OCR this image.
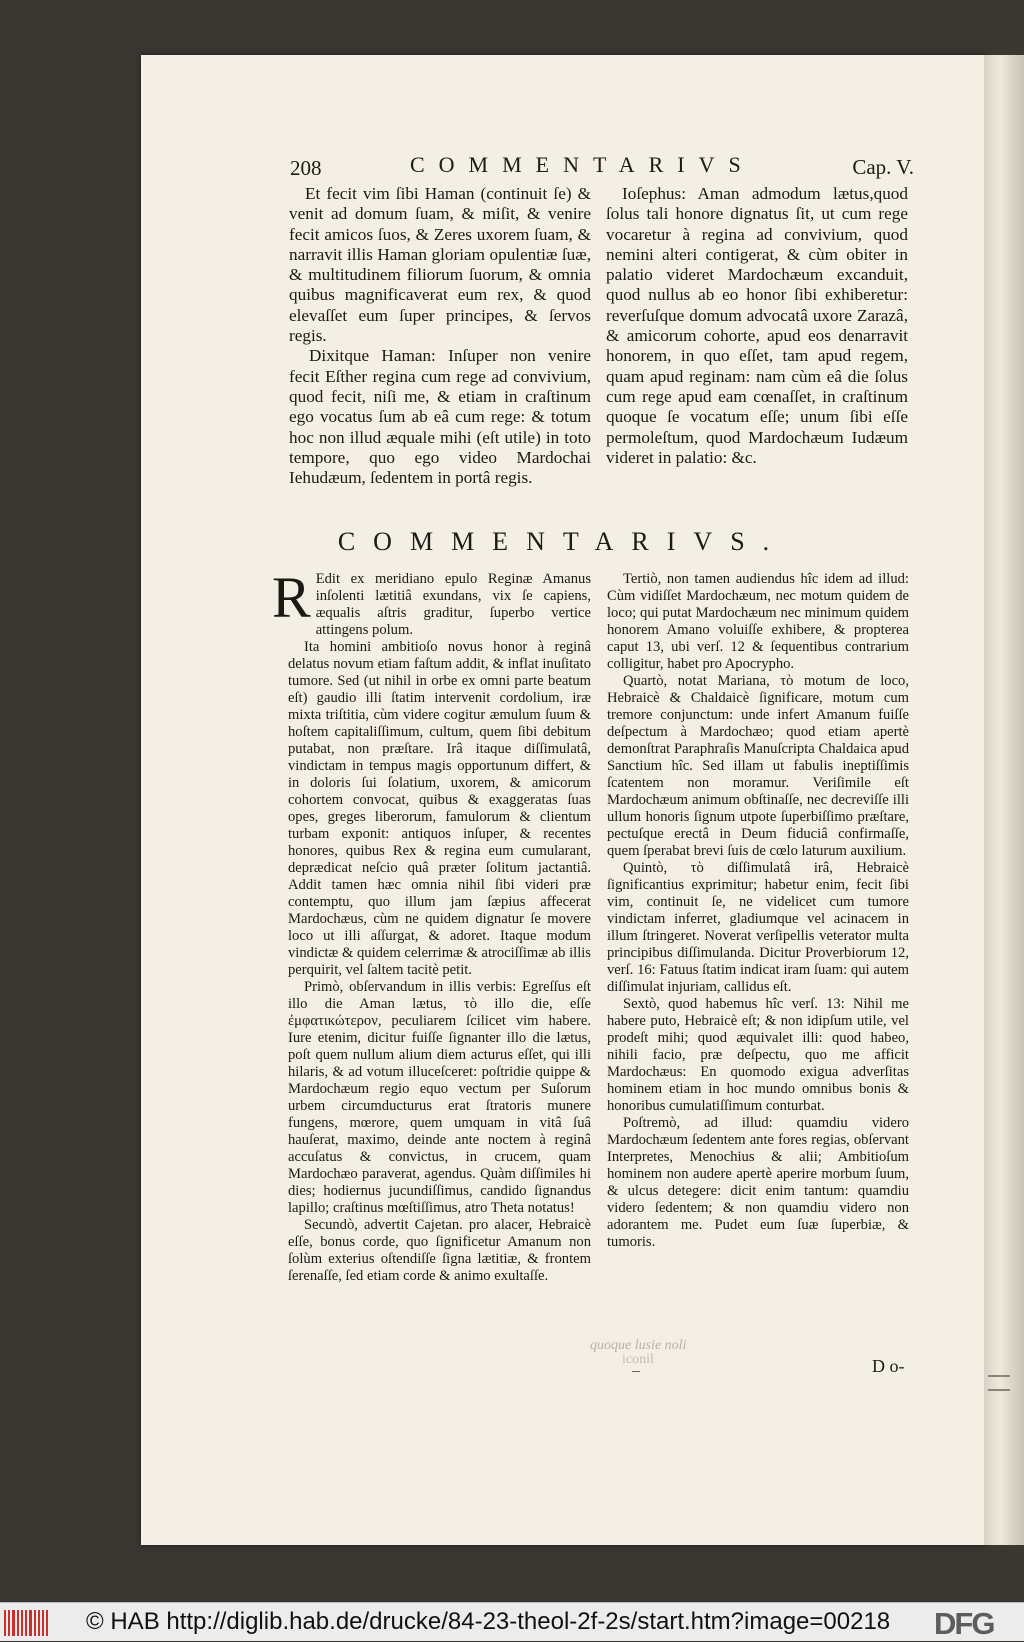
208	COMMENTARIVS	Cap. V.

Et fecit vim ſibi Haman (continuit ſe) & venit ad domum ſuam, & miſit, & venire fecit amicos ſuos, & Zeres uxorem ſuam, & narravit illis Haman gloriam opulentiæ ſuæ, & multitudinem filiorum ſuorum, & omnia quibus magnificaverat eum rex, & quod elevaſſet eum ſuper principes, & ſervos regis.

Dixitque Haman: Inſuper non venire fecit Eſther regina cum rege ad convivium, quod fecit, niſi me, & etiam in craſtinum ego vocatus ſum ab eâ cum rege: & totum hoc non illud æquale mihi (eſt utile) in toto tempore, quo ego video Mardochai Iehudæum, ſedentem in portâ regis.

Ioſephus: Aman admodum lætus,quod ſolus tali honore dignatus ſit, ut cum rege vocaretur à regina ad convivium, quod nemini alteri contigerat, & cùm obiter in palatio videret Mardochæum excanduit, quod nullus ab eo honor ſibi exhiberetur: reverſuſque domum advocatâ uxore Zarazâ, & amicorum cohorte, apud eos denarravit honorem, in quo eſſet, tam apud regem, quam apud reginam: nam cùm eâ die ſolus cum rege apud eam cœnaſſet, in craſtinum quoque ſe vocatum eſſe; unum ſibi eſſe permoleſtum, quod Mardochæum Iudæum videret in palatio: &c.

COMMENTARIVS.

R Edit ex meridiano epulo Reginæ Amanus inſolenti lætitiâ exundans, vix ſe capiens, æqualis aſtris graditur, ſuperbo vertice attingens polum.

Ita homini ambitioſo novus honor à reginâ delatus novum etiam faſtum addit, & inflat inuſitato tumore. Sed (ut nihil in orbe ex omni parte beatum eſt) gaudio illi ſtatim intervenit cordolium, iræ mixta triſtitia, cùm videre cogitur æmulum ſuum & hoſtem capitaliſſimum, cultum, quem ſibi debitum putabat, non præſtare. Irâ itaque diſſimulatâ, vindictam in tempus magis opportunum differt, & in doloris ſui ſolatium, uxorem, & amicorum cohortem convocat, quibus & exaggeratas ſuas opes, greges liberorum, famulorum & clientum turbam exponit: antiquos inſuper, & recentes honores, quibus Rex & regina eum cumularant, deprædicat neſcio quâ præter ſolitum jactantiâ. Addit tamen hæc omnia nihil ſibi videri præ contemptu, quo illum jam ſæpius affecerat Mardochæus, cùm ne quidem dignatur ſe movere loco ut illi aſſurgat, & adoret. Itaque modum vindictæ & quidem celerrimæ & atrociſſimæ ab illis perquirit, vel ſaltem tacitè petit.

Primò, obſervandum in illis verbis: Egreſſus eſt illo die Aman lætus, τὸ illo die, eſſe ἐμφατικώτερον, peculiarem ſcilicet vim habere. Iure etenim, dicitur fuiſſe ſignanter illo die lætus, poſt quem nullum alium diem acturus eſſet, qui illi hilaris, & ad votum illuceſceret: poſtridie quippe & Mardochæum regio equo vectum per Suſorum urbem circumducturus erat ſtratoris munere fungens, mœrore, quem umquam in vitâ ſuâ hauſerat, maximo, deinde ante noctem à reginâ accuſatus & convictus, in crucem, quam Mardochæo paraverat, agendus. Quàm diſſimiles hi dies; hodiernus jucundiſſimus, candido ſignandus lapillo; craſtinus mœſtiſſimus, atro Theta notatus!

Secundò, advertit Cajetan. pro alacer, Hebraicè eſſe, bonus corde, quo ſignificetur Amanum non ſolùm exterius oſtendiſſe ſigna lætitiæ, & frontem ſerenaſſe, ſed etiam corde & animo exultaſſe.

Tertiò, non tamen audiendus hîc idem ad illud: Cùm vidiſſet Mardochæum, nec motum quidem de loco; qui putat Mardochæum nec minimum quidem honorem Amano voluiſſe exhibere, & propterea caput 13, ubi verſ. 12 & ſequentibus contrarium colligitur, habet pro Apocrypho.

Quartò, notat Mariana, τὸ motum de loco, Hebraicè & Chaldaicè ſignificare, motum cum tremore conjunctum: unde infert Amanum fuiſſe deſpectum à Mardochæo; quod etiam apertè demonſtrat Paraphraſis Manuſcripta Chaldaica apud Sanctium hîc. Sed illam ut fabulis ineptiſſimis ſcatentem non moramur. Veriſimile eſt Mardochæum animum obſtinaſſe, nec decreviſſe illi ullum honoris ſignum utpote ſuperbiſſimo præſtare, pectuſque erectâ in Deum fiduciâ confirmaſſe, quem ſperabat brevi ſuis de cœlo laturum auxilium.

Quintò, τὸ diſſimulatâ irâ, Hebraicè ſignificantius exprimitur; habetur enim, fecit ſibi vim, continuit ſe, ne videlicet cum tumore vindictam inferret, gladiumque vel acinacem in illum ſtringeret. Noverat verſipellis veterator multa principibus diſſimulanda. Dicitur Proverbiorum 12, verſ. 16: Fatuus ſtatim indicat iram ſuam: qui autem diſſimulat injuriam, callidus eſt.

Sextò, quod habemus hîc verſ. 13: Nihil me habere puto, Hebraicè eſt; & non idipſum utile, vel prodeſt mihi; quod æquivalet illi: quod habeo, nihili facio, præ deſpectu, quo me afficit Mardochæus: En quomodo exigua adverſitas hominem etiam in hoc mundo omnibus bonis & honoribus cumulatiſſimum conturbat.

Poſtremò, ad illud: quamdiu videro Mardochæum ſedentem ante fores regias, obſervant Interpretes, Menochius & alii; Ambitioſum hominem non audere apertè aperire morbum ſuum, & ulcus detegere: dicit enim tantum: quamdiu videro ſedentem; & non quamdiu videro non adorantem me. Pudet eum ſuæ ſuperbiæ, & tumoris.

quoque lusie noli
iconil	D o-
© HAB http://diglib.hab.de/drucke/84-23-theol-2f-2s/start.htm?image=00218 DFG
